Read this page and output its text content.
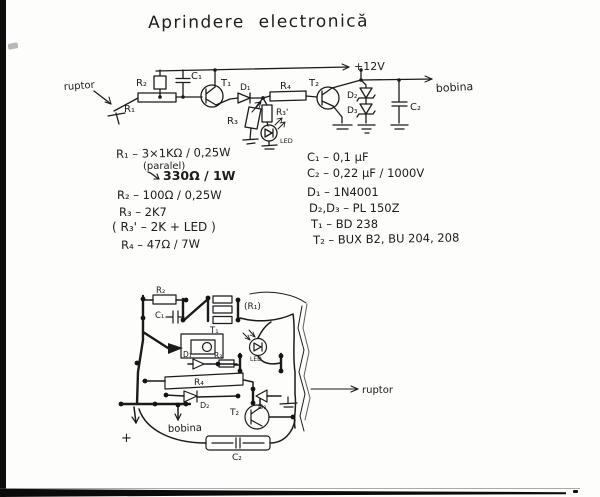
Aprindere  electronică
ruptor
R₁
R₂
C₁
T₁ D₁
R₃
R₃'
LED
R₄ T₂
D₂
D₃	C₂
+12V
bobina
R₁ – 3×1KΩ / 0,25W
(paralel)
330Ω / 1W
R₂ – 100Ω / 0,25W
R₃ – 2K7
( R₃' – 2K + LED )
R₄ – 47Ω / 7W
C₁ – 0,1 μF
C₂ – 0,22 μF / 1000V
D₁ – 1N4001
D₂,D₃ – PL 150Z
T₁ – BD 238
T₂ – BUX B2, BU 204, 208
R₂
C₁
(R₁)
T₁
LED
D₁	R₃'
R₄
D₂	D₃
T₂
bobina
C₂
+
ruptor
